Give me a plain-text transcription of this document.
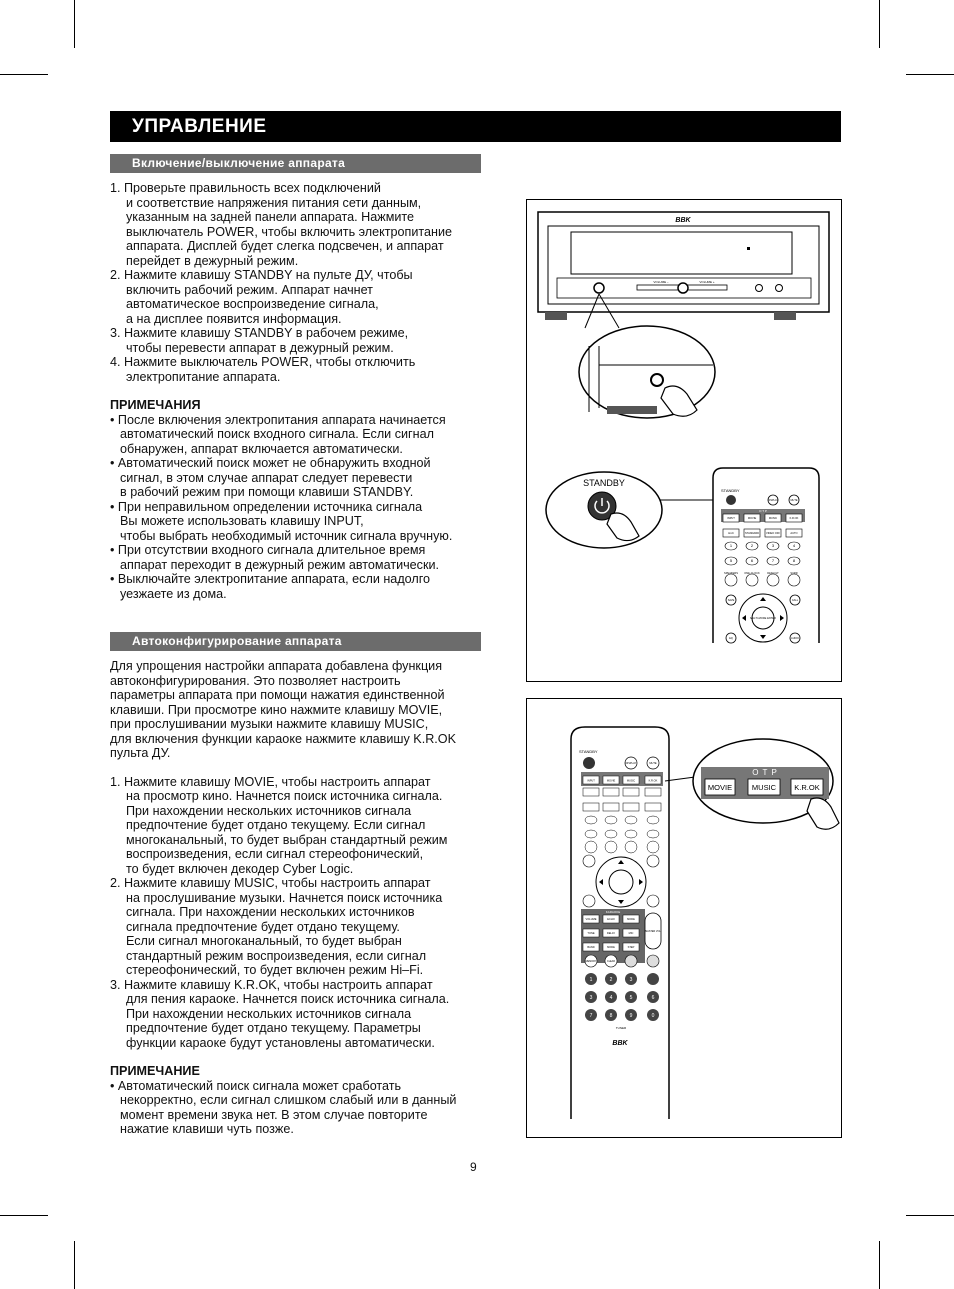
УПРАВЛЕНИЕ
Включение/выключение аппарата

1. Проверьте правильность всех подключений

и соответствие напряжения питания сети данным,

указанным на задней панели аппарата. Нажмите

выключатель POWER, чтобы включить электропитание

аппарата. Дисплей будет слегка подсвечен, и аппарат

перейдет в дежурный режим.

2. Нажмите клавишу STANDBY на пульте ДУ, чтобы

включить рабочий режим. Аппарат начнет

автоматическое воспроизведение сигнала,

а на дисплее появится информация.

3. Нажмите клавишу STANDBY в рабочем режиме,

чтобы перевести аппарат в дежурный режим.

4. Нажмите выключатель POWER, чтобы отключить

электропитание аппарата.

ПРИМЕЧАНИЯ

• После включения электропитания аппарата начинается

автоматический поиск входного сигнала. Если сигнал

обнаружен, аппарат включается автоматически.

• Автоматический поиск может не обнаружить входной

сигнал, в этом случае аппарат следует перевести

в рабочий режим при помощи клавиши STANDBY.

• При неправильном определении источника сигнала

Вы можете использовать клавишу INPUT,

чтобы выбрать необходимый источник сигнала вручную.

• При отсутствии входного сигнала длительное время

аппарат переходит в дежурный режим автоматически.

• Выключайте электропитание аппарата, если надолго

уезжаете из дома.

Автоконфигурирование аппарата

Для упрощения настройки аппарата добавлена функция

автоконфигурирования. Это позволяет настроить

параметры аппарата при помощи нажатия единственной

клавиши. При просмотре кино нажмите клавишу MOVIE,

при прослушивании музыки нажмите клавишу MUSIC,

для включения функции караоке нажмите клавишу K.R.OK

пульта ДУ.

1. Нажмите клавишу MOVIE, чтобы настроить аппарат

на просмотр кино. Начнется поиск источника сигнала.

При нахождении нескольких источников сигнала

предпочтение будет отдано текущему. Если сигнал

многоканальный, то будет выбран стандартный режим

воспроизведения, если сигнал стереофонический,

то будет включен декодер Cyber Logic.

2. Нажмите клавишу MUSIC, чтобы настроить аппарат

на прослушивание музыки. Начнется поиск источника

сигнала. При нахождении нескольких источников

сигнала предпочтение будет отдано текущему.

Если сигнал многоканальный, то будет выбран

стандартный режим воспроизведения, если сигнал

стереофонический, то будет включен режим Hi–Fi.

3. Нажмите клавишу K.R.OK, чтобы настроить аппарат

для пения караоке. Начнется поиск источника сигнала.

При нахождении нескольких источников сигнала

предпочтение будет отдано текущему. Параметры

функции караоке будут установлены автоматически.

ПРИМЕЧАНИЕ

• Автоматический поиск сигнала может сработать

некорректно, если сигнал слишком слабый или в данный

момент времени звука нет. В этом случае повторите

нажатие клавиши чуть позже.

BBK
VOLUME –	VOLUME +
STANDBY
STANDBY
DISPLAY	MUTE
O T P
INPUT	MOVIE	MUSIC	K.R.OK
Hi-Fi	STANDARD	VIDEO OFF	AUTO
1	2	3	4
5	6	7	8
SPEAKERS ONE-CLOCK	DEFAULT	SURR
MULTI-MODE ENTER
SAVE	CALL
EQ	AUDIO
STANDBY
DISPLAY	MUTE
INPUT	MOVIE	MUSIC	K.R.OK
KARAOKE
VOLUME	ECHO	MODE
TONE	DELAY	MIC
BAND	MODE	STEP
MASTER VOL
MEMORY	CLEAR
1	2	3
3	4	5	6
7	8	9	0
TUNER
BBK
O T P
MOVIE	MUSIC K.R.OK
9
